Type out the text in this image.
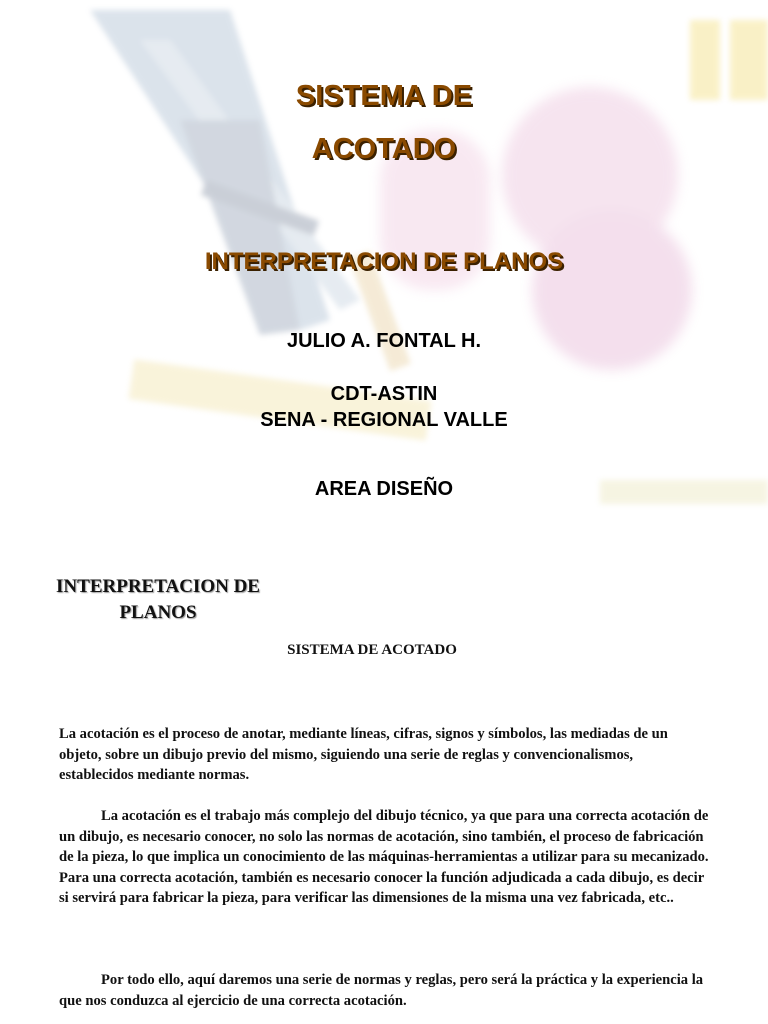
SISTEMA DE
ACOTADO
INTERPRETACION DE PLANOS

JULIO A. FONTAL H.

CDT-ASTIN

SENA - REGIONAL VALLE

AREA DISEÑO

INTERPRETACION DE
PLANOS

SISTEMA DE ACOTADO

La acotación es el proceso de anotar, mediante líneas, cifras, signos y símbolos, las mediadas de un objeto, sobre un dibujo previo del mismo, siguiendo una serie de reglas y convencionalismos, establecidos mediante normas.

La acotación es el trabajo más complejo del dibujo técnico, ya que para una correcta acotación de un dibujo, es necesario conocer, no solo las normas de acotación, sino también, el proceso de fabricación de la pieza, lo que implica un conocimiento de las máquinas-herramientas a utilizar para su mecanizado. Para una correcta acotación, también es necesario conocer la función adjudicada a cada dibujo, es decir si servirá para fabricar la pieza, para verificar las dimensiones de la misma una vez fabricada, etc..

Por todo ello, aquí daremos una serie de normas y reglas, pero será la práctica y la experiencia la que nos conduzca al ejercicio de una correcta acotación.
